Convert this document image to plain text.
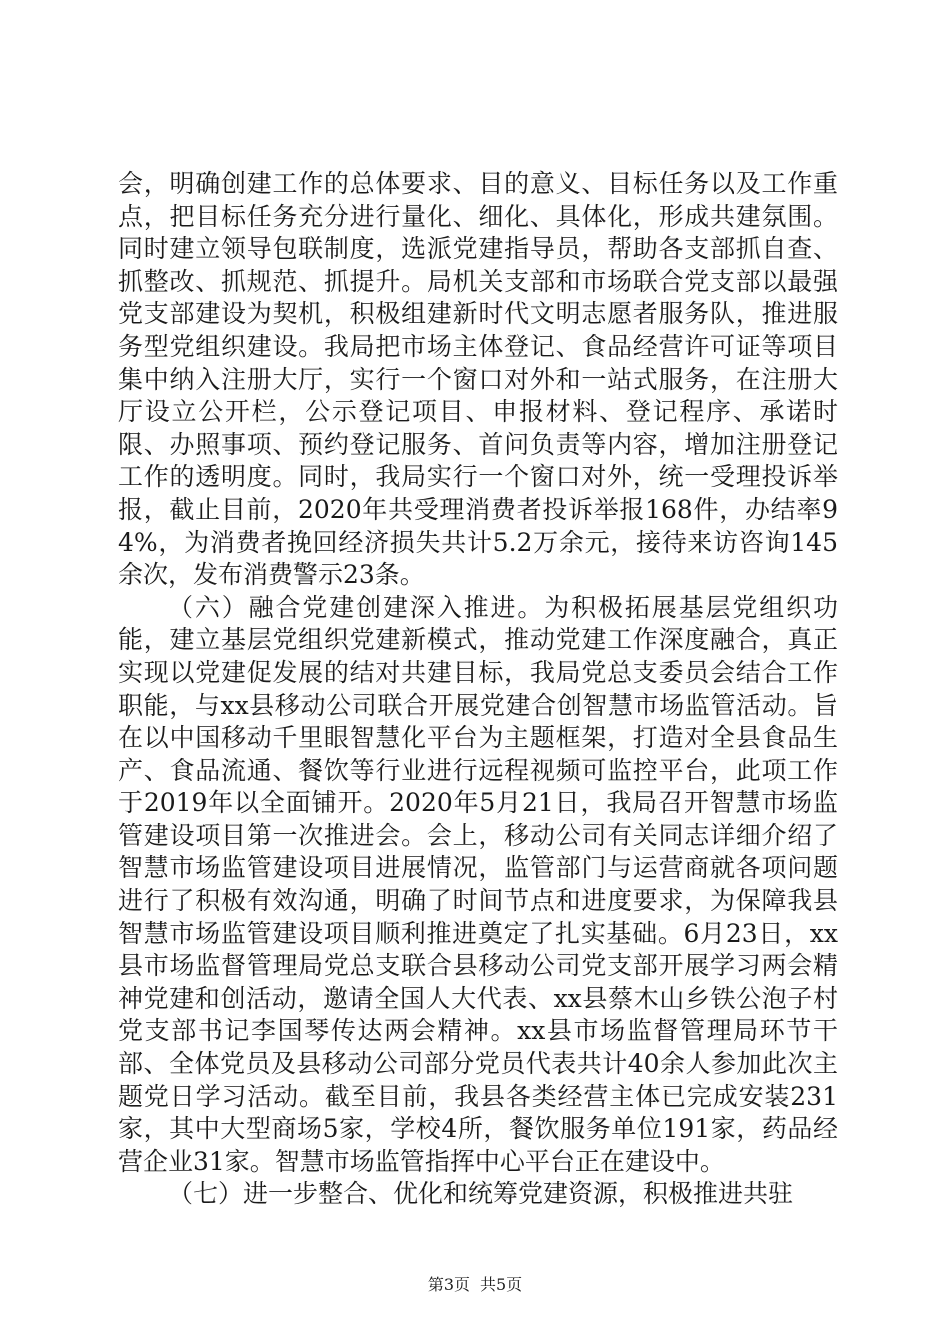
会，明确创建工作的总体要求、目的意义、目标任务以及工作重点，把目标任务充分进行量化、细化、具体化，形成共建氛围。同时建立领导包联制度，选派党建指导员，帮助各支部抓自查、抓整改、抓规范、抓提升。局机关支部和市场联合党支部以最强党支部建设为契机，积极组建新时代文明志愿者服务队，推进服务型党组织建设。我局把市场主体登记、食品经营许可证等项目集中纳入注册大厅，实行一个窗口对外和一站式服务，在注册大厅设立公开栏，公示登记项目、申报材料、登记程序、承诺时限、办照事项、预约登记服务、首问负责等内容，增加注册登记工作的透明度。同时，我局实行一个窗口对外，统一受理投诉举报，截止目前，2020年共受理消费者投诉举报168件，办结率94%，为消费者挽回经济损失共计5.2万余元，接待来访咨询145余次，发布消费警示23条。

（六）融合党建创建深入推进。为积极拓展基层党组织功能，建立基层党组织党建新模式，推动党建工作深度融合，真正实现以党建促发展的结对共建目标，我局党总支委员会结合工作职能，与xx县移动公司联合开展党建合创智慧市场监管活动。旨在以中国移动千里眼智慧化平台为主题框架，打造对全县食品生产、食品流通、餐饮等行业进行远程视频可监控平台，此项工作于2019年以全面铺开。2020年5月21日，我局召开智慧市场监管建设项目第一次推进会。会上，移动公司有关同志详细介绍了智慧市场监管建设项目进展情况，监管部门与运营商就各项问题进行了积极有效沟通，明确了时间节点和进度要求，为保障我县智慧市场监管建设项目顺利推进奠定了扎实基础。6月23日，xx县市场监督管理局党总支联合县移动公司党支部开展学习两会精神党建和创活动，邀请全国人大代表、xx县蔡木山乡铁公泡子村党支部书记李国琴传达两会精神。xx县市场监督管理局环节干部、全体党员及县移动公司部分党员代表共计40余人参加此次主题党日学习活动。截至目前，我县各类经营主体已完成安装231家，其中大型商场5家，学校4所，餐饮服务单位191家，药品经营企业31家。智慧市场监管指挥中心平台正在建设中。

（七）进一步整合、优化和统筹党建资源，积极推进共驻

第3页 共5页
